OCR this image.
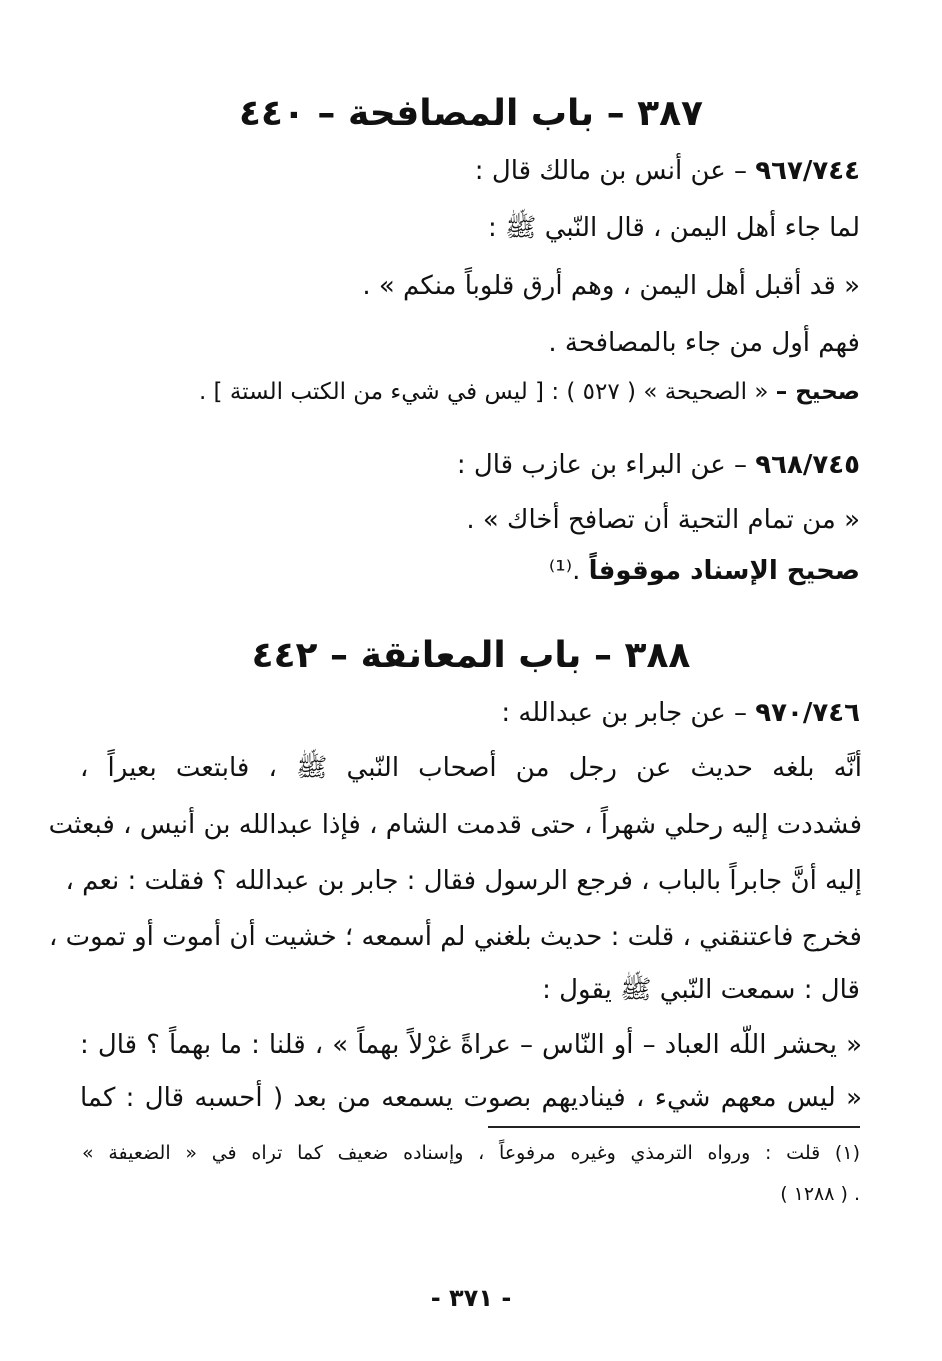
٣٨٧ – باب المصافحة – ٤٤٠
٩٦٧/٧٤٤ – عن أنس بن مالك قال :
لما جاء أهل اليمن ، قال النّبي ﷺ :
« قد أقبل أهل اليمن ، وهم أرق قلوباً منكم » .
فهم أول من جاء بالمصافحة .
صحيح – « الصحيحة » ( ٥٢٧ ) : [ ليس في شيء من الكتب الستة ] .
٩٦٨/٧٤٥ – عن البراء بن عازب قال :
« من تمام التحية أن تصافح أخاك » .
صحيح الإسناد موقوفاً .⁽¹⁾
٣٨٨ – باب المعانقة – ٤٤٢
٩٧٠/٧٤٦ – عن جابر بن عبدالله :
أنَّه بلغه حديث عن رجل من أصحاب النّبي ﷺ ، فابتعت بعيراً ،
فشددت إليه رحلي شهراً ، حتى قدمت الشام ، فإذا عبدالله بن أنيس ، فبعثت
إليه أنَّ جابراً بالباب ، فرجع الرسول فقال : جابر بن عبدالله ؟ فقلت : نعم ،
فخرج فاعتنقني ، قلت : حديث بلغني لم أسمعه ؛ خشيت أن أموت أو تموت ،
قال : سمعت النّبي ﷺ يقول :
« يحشر اللّه العباد – أو النّاس – عراةً غرْلاً بهماً » ، قلنا : ما بهماً ؟ قال :
« ليس معهم شيء ، فيناديهم بصوت يسمعه من بعد ( أحسبه قال : كما
(١) قلت : ورواه الترمذي وغيره مرفوعاً ، وإسناده ضعيف كما تراه في « الضعيفة »
( ١٢٨٨ ) .
- ٣٧١ -
